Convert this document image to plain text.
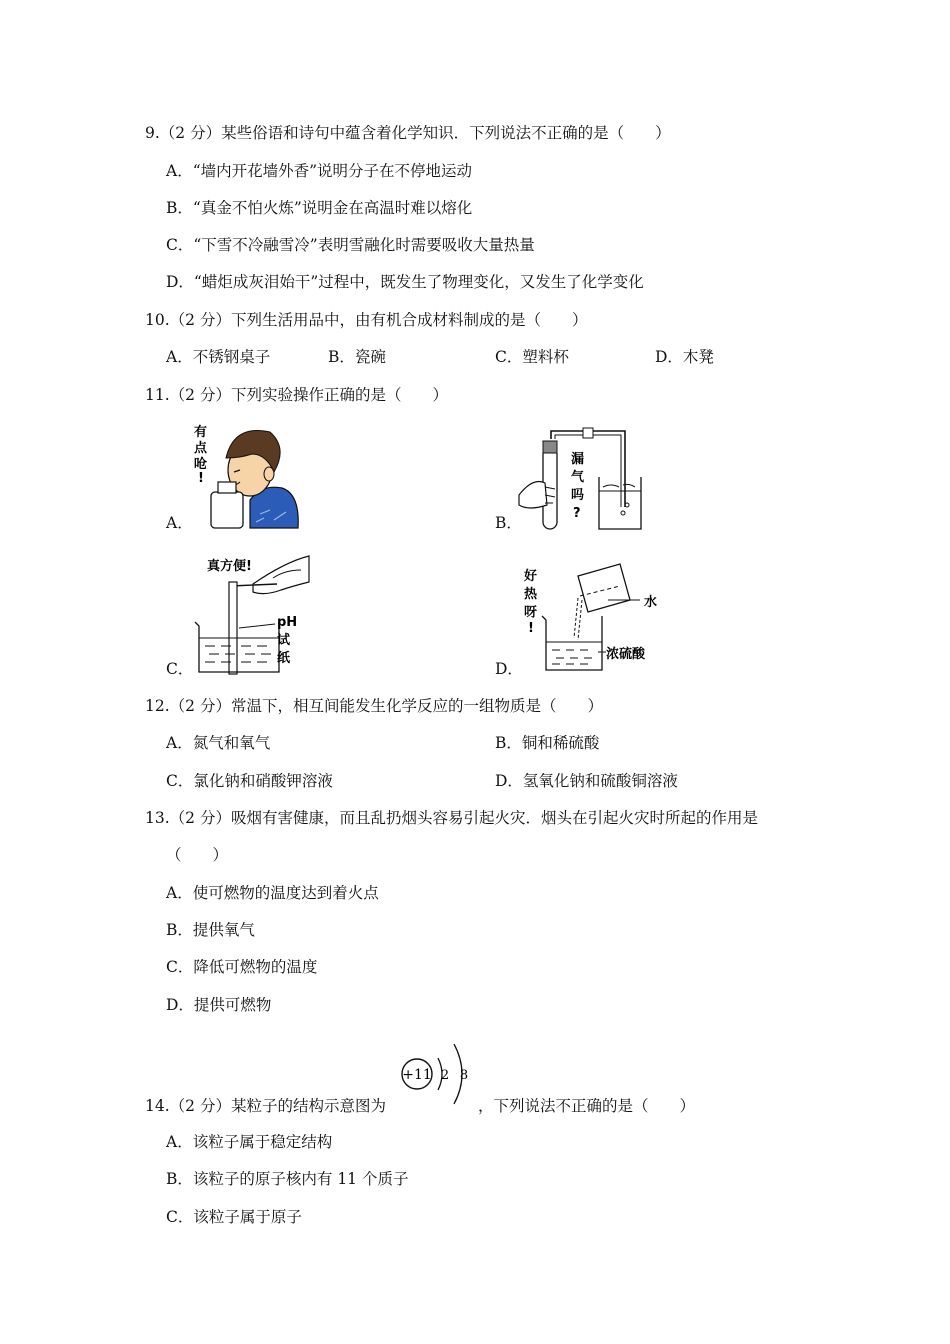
9.（2 分）某些俗语和诗句中蕴含着化学知识．下列说法不正确的是（　　）
A．“墙内开花墙外香”说明分子在不停地运动
B．“真金不怕火炼”说明金在高温时难以熔化
C．“下雪不冷融雪冷”表明雪融化时需要吸收大量热量
D．“蜡炬成灰泪始干”过程中，既发生了物理变化，又发生了化学变化
10.（2 分）下列生活用品中，由有机合成材料制成的是（　　）
A．不锈钢桌子	B．瓷碗	C．塑料杯	D．木凳
11.（2 分）下列实验操作正确的是（　　）
A．	B．
C．	D．
有
点
呛
!
漏
气
吗
?
真方便!
pH
试
纸
好
热
呀
!
水
浓硫酸
12.（2 分）常温下，相互间能发生化学反应的一组物质是（　　）
A．氮气和氧气	B．铜和稀硫酸
C．氯化钠和硝酸钾溶液	D．氢氧化钠和硫酸铜溶液
13.（2 分）吸烟有害健康，而且乱扔烟头容易引起火灾．烟头在引起火灾时所起的作用是
（　　）
A．使可燃物的温度达到着火点
B．提供氧气
C．降低可燃物的温度
D．提供可燃物
14.（2 分）某粒子的结构示意图为
+11 2 8
，下列说法不正确的是（　　）
A．该粒子属于稳定结构
B．该粒子的原子核内有 11 个质子
C．该粒子属于原子
